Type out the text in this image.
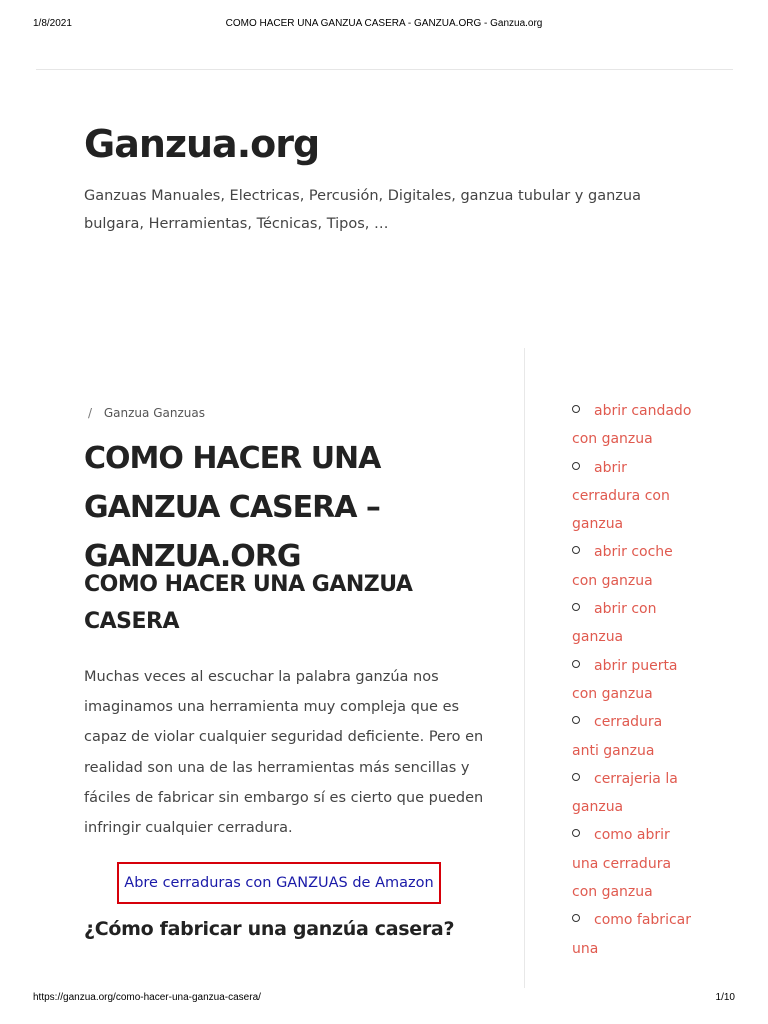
1/8/2021	COMO HACER UNA GANZUA CASERA - GANZUA.ORG - Ganzua.org
Ganzua.org

Ganzuas Manuales, Electricas, Percusión, Digitales, ganzua tubular y ganzua bulgara, Herramientas, Técnicas, Tipos, …

/ Ganzua Ganzuas
COMO HACER UNA GANZUA CASERA – GANZUA.ORG
COMO HACER UNA GANZUA CASERA

Muchas veces al escuchar la palabra ganzúa nos imaginamos una herramienta muy compleja que es capaz de violar cualquier seguridad deficiente. Pero en realidad son una de las herramientas más sencillas y fáciles de fabricar sin embargo sí es cierto que pueden infringir cualquier cerradura.

Abre cerraduras con GANZUAS de Amazon
¿Cómo fabricar una ganzúa casera?
abrir candado con ganzua
abrir cerradura con ganzua
abrir coche con ganzua
abrir con ganzua
abrir puerta con ganzua
cerradura anti ganzua
cerrajeria la ganzua
como abrir una cerradura con ganzua
como fabricar una
https://ganzua.org/como-hacer-una-ganzua-casera/	1/10
